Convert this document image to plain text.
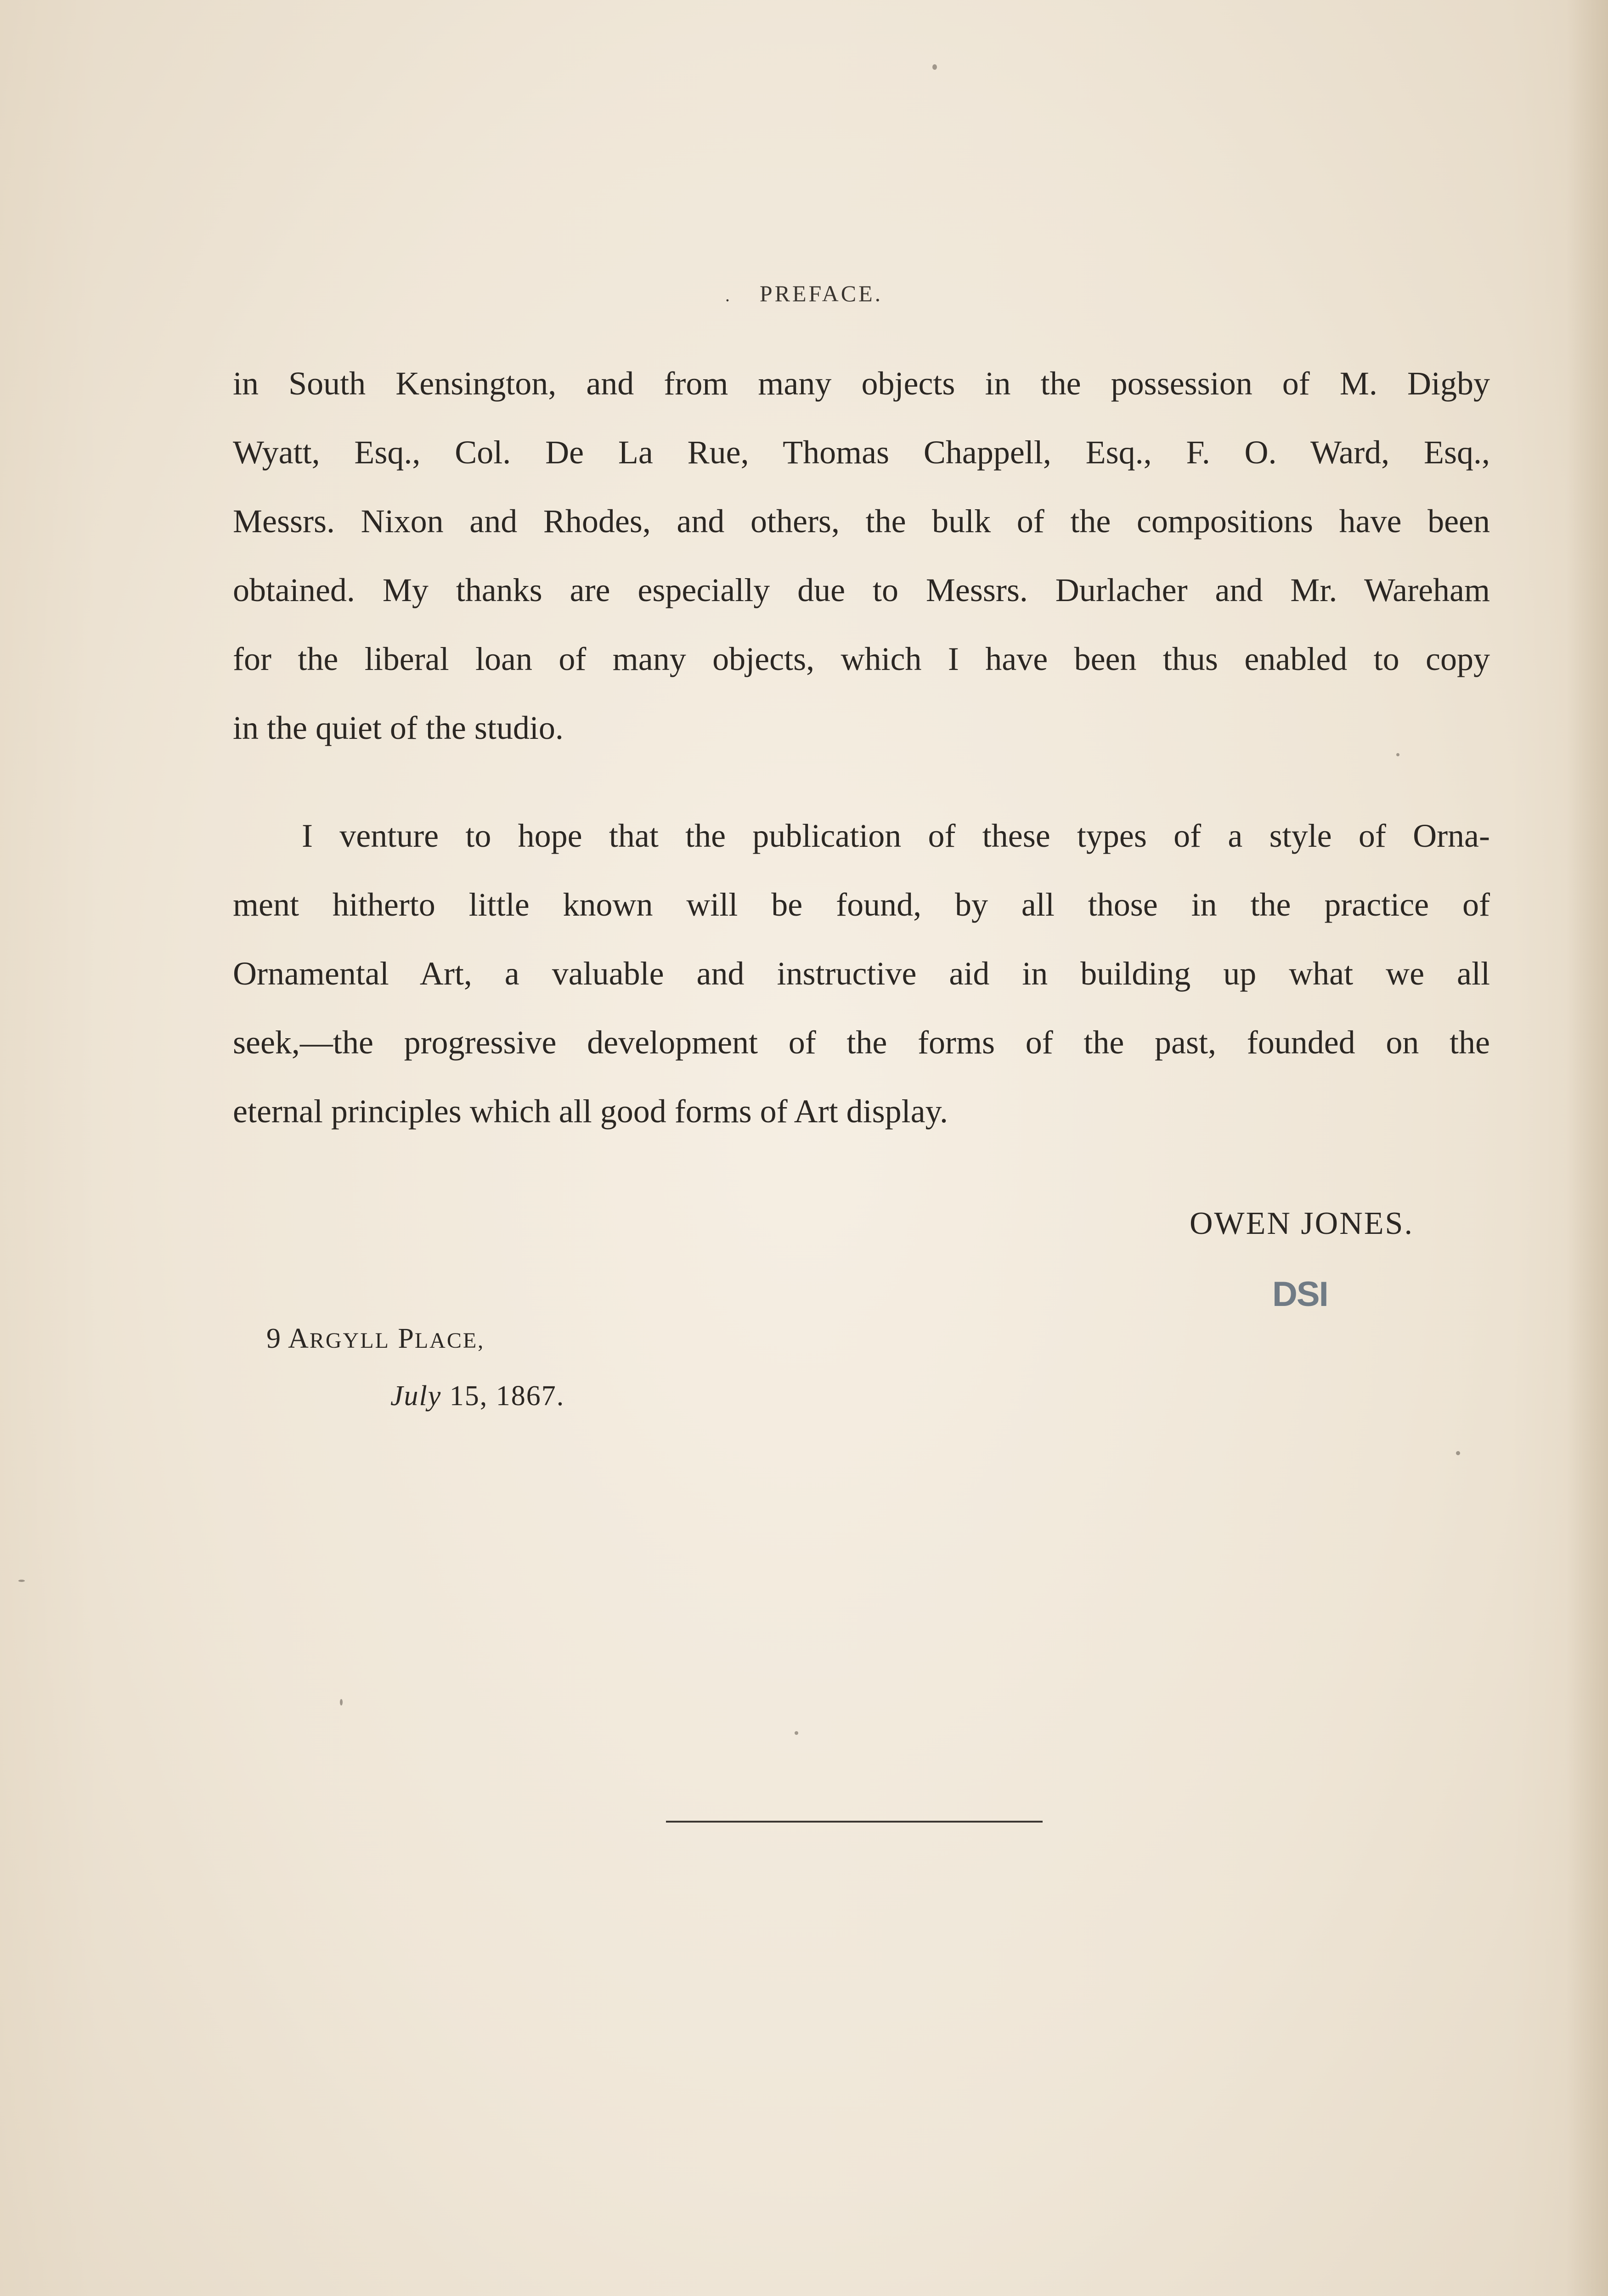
. PREFACE.
in South Kensington, and from many objects in the possession of M. Digby
Wyatt, Esq., Col. De La Rue, Thomas Chappell, Esq., F. O. Ward, Esq.,
Messrs. Nixon and Rhodes, and others, the bulk of the compositions have been
obtained. My thanks are especially due to Messrs. Durlacher and Mr. Wareham
for the liberal loan of many objects, which I have been thus enabled to copy
in the quiet of the studio.
I venture to hope that the publication of these types of a style of Orna-
ment hitherto little known will be found, by all those in the practice of
Ornamental Art, a valuable and instructive aid in building up what we all
seek,—the progressive development of the forms of the past, founded on the
eternal principles which all good forms of Art display.
OWEN JONES.
DSI
9 ARGYLL PLACE,
July 15, 1867.
